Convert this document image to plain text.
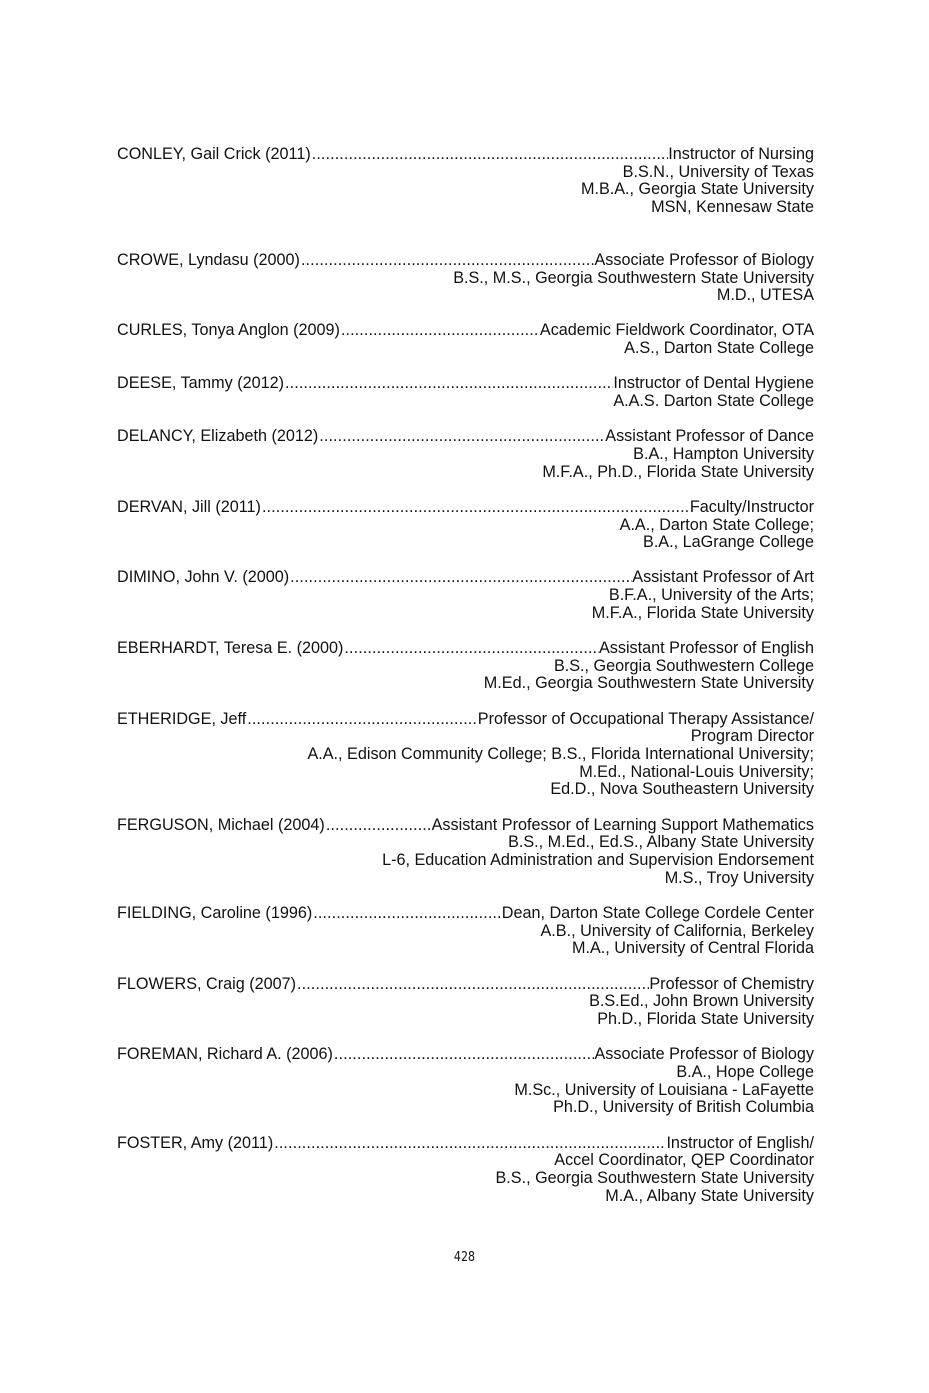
CONLEY, Gail Crick (2011) . . .	Instructor of Nursing
B.S.N., University of Texas
M.B.A., Georgia State University
MSN, Kennesaw State
CROWE, Lyndasu (2000) . . .	Associate Professor of Biology
B.S., M.S., Georgia Southwestern State University
M.D., UTESA
CURLES, Tonya Anglon (2009) . . .	Academic Fieldwork Coordinator, OTA
A.S., Darton State College
DEESE, Tammy (2012) . . .	Instructor of Dental Hygiene
A.A.S. Darton State College
DELANCY, Elizabeth (2012) . . .	Assistant Professor of Dance
B.A., Hampton University
M.F.A., Ph.D., Florida State University
DERVAN, Jill (2011) . . .	Faculty/Instructor
A.A., Darton State College;
B.A., LaGrange College
DIMINO, John V. (2000) . . .	Assistant Professor of Art
B.F.A., University of the Arts;
M.F.A., Florida State University
EBERHARDT, Teresa E. (2000) . . .	Assistant Professor of English
B.S., Georgia Southwestern College
M.Ed., Georgia Southwestern State University
ETHERIDGE, Jeff . . .	Professor of Occupational Therapy Assistance/
Program Director
A.A., Edison Community College; B.S., Florida International University;
M.Ed., National-Louis University;
Ed.D., Nova Southeastern University
FERGUSON, Michael (2004) . . .	Assistant Professor of Learning Support Mathematics
B.S., M.Ed., Ed.S., Albany State University
L-6, Education Administration and Supervision Endorsement
M.S., Troy University
FIELDING, Caroline (1996) . . .	Dean, Darton State College Cordele Center
A.B., University of California, Berkeley
M.A., University of Central Florida
FLOWERS, Craig (2007) . . .	Professor of Chemistry
B.S.Ed., John Brown University
Ph.D., Florida State University
FOREMAN, Richard A. (2006) . . .	Associate Professor of Biology
B.A., Hope College
M.Sc., University of Louisiana - LaFayette
Ph.D., University of British Columbia
FOSTER, Amy (2011) . . .	Instructor of English/
Accel Coordinator, QEP Coordinator
B.S., Georgia Southwestern State University
M.A., Albany State University
428
